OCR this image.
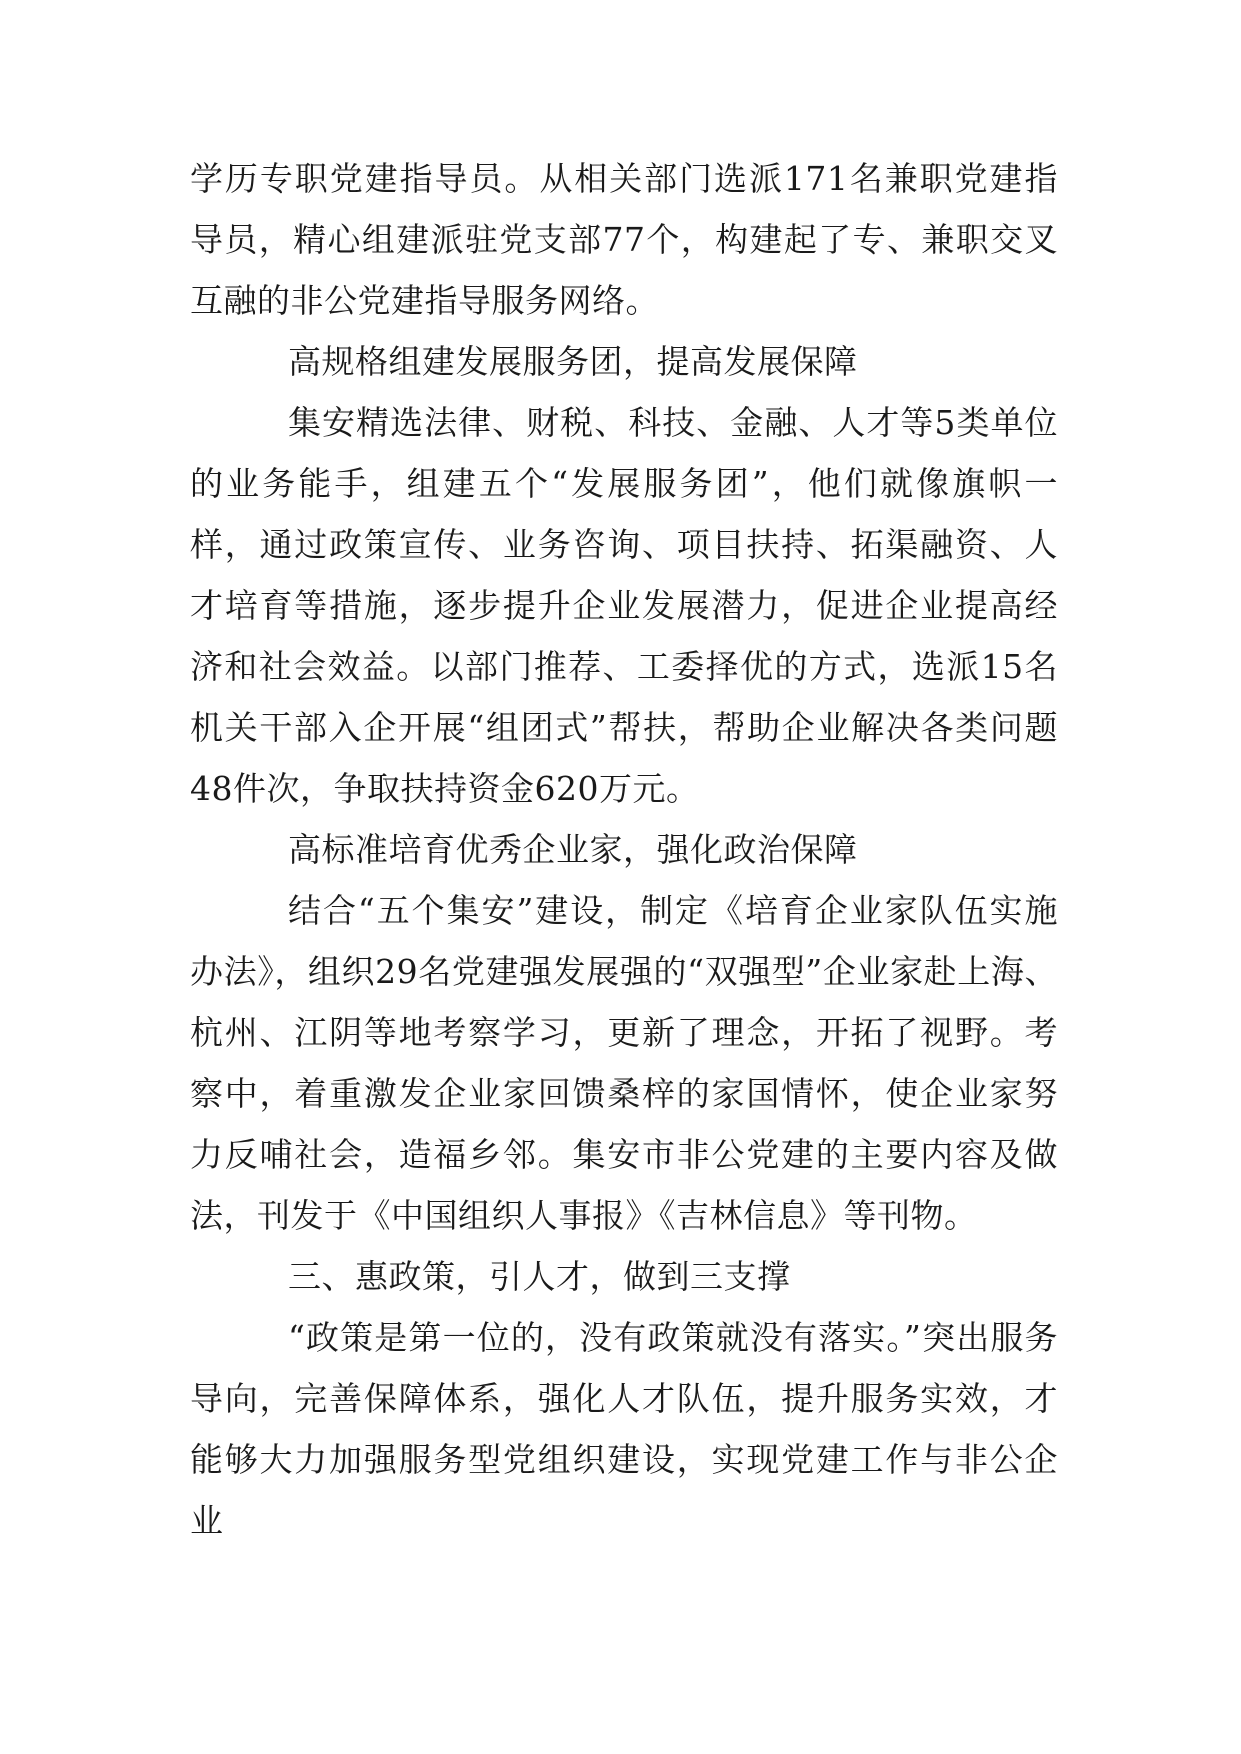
学历专职党建指导员。从相关部门选派171名兼职党建指导员，精心组建派驻党支部77个，构建起了专、兼职交叉互融的非公党建指导服务网络。

高规格组建发展服务团，提高发展保障

集安精选法律、财税、科技、金融、人才等5类单位的业务能手，组建五个“发展服务团”，他们就像旗帜一样，通过政策宣传、业务咨询、项目扶持、拓渠融资、人才培育等措施，逐步提升企业发展潜力，促进企业提高经济和社会效益。以部门推荐、工委择优的方式，选派15名机关干部入企开展“组团式”帮扶，帮助企业解决各类问题48件次，争取扶持资金620万元。

高标准培育优秀企业家，强化政治保障

结合“五个集安”建设，制定《培育企业家队伍实施办法》，组织29名党建强发展强的“双强型”企业家赴上海、杭州、江阴等地考察学习，更新了理念，开拓了视野。考察中，着重激发企业家回馈桑梓的家国情怀，使企业家努力反哺社会，造福乡邻。集安市非公党建的主要内容及做法，刊发于《中国组织人事报》《吉林信息》等刊物。

三、惠政策，引人才，做到三支撑

“政策是第一位的，没有政策就没有落实。”突出服务导向，完善保障体系，强化人才队伍，提升服务实效，才能够大力加强服务型党组织建设，实现党建工作与非公企业
